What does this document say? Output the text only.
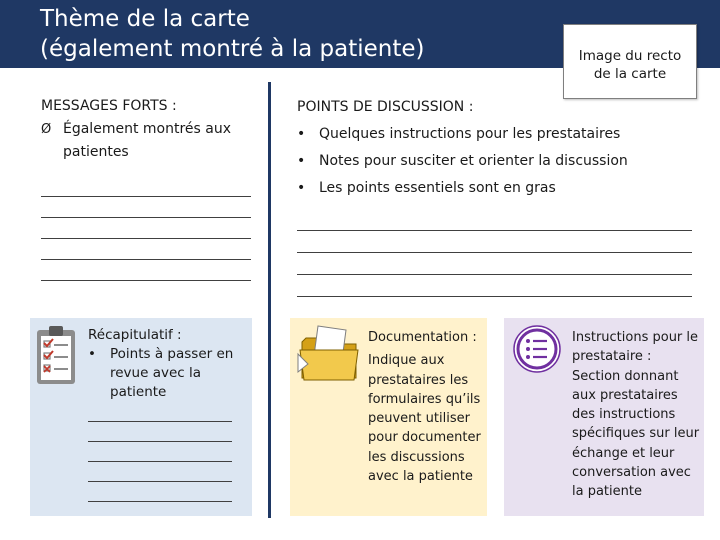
Thème de la carte
(également montré à la patiente)	Image du recto
de la carte
MESSAGES FORTS :
Ø Également montrés aux patientes
POINTS DE DISCUSSION :
• Quelques instructions pour les prestataires
• Notes pour susciter et orienter la discussion
• Les points essentiels sont en gras
Récapitulatif :
•	Points à passer en revue avec la patiente
Documentation :
Indique aux prestataires les formulaires qu’ils peuvent utiliser pour documenter les discussions avec la patiente
Instructions pour le prestataire :
Section donnant aux prestataires des instructions spécifiques sur leur échange et leur conversation avec la patiente
